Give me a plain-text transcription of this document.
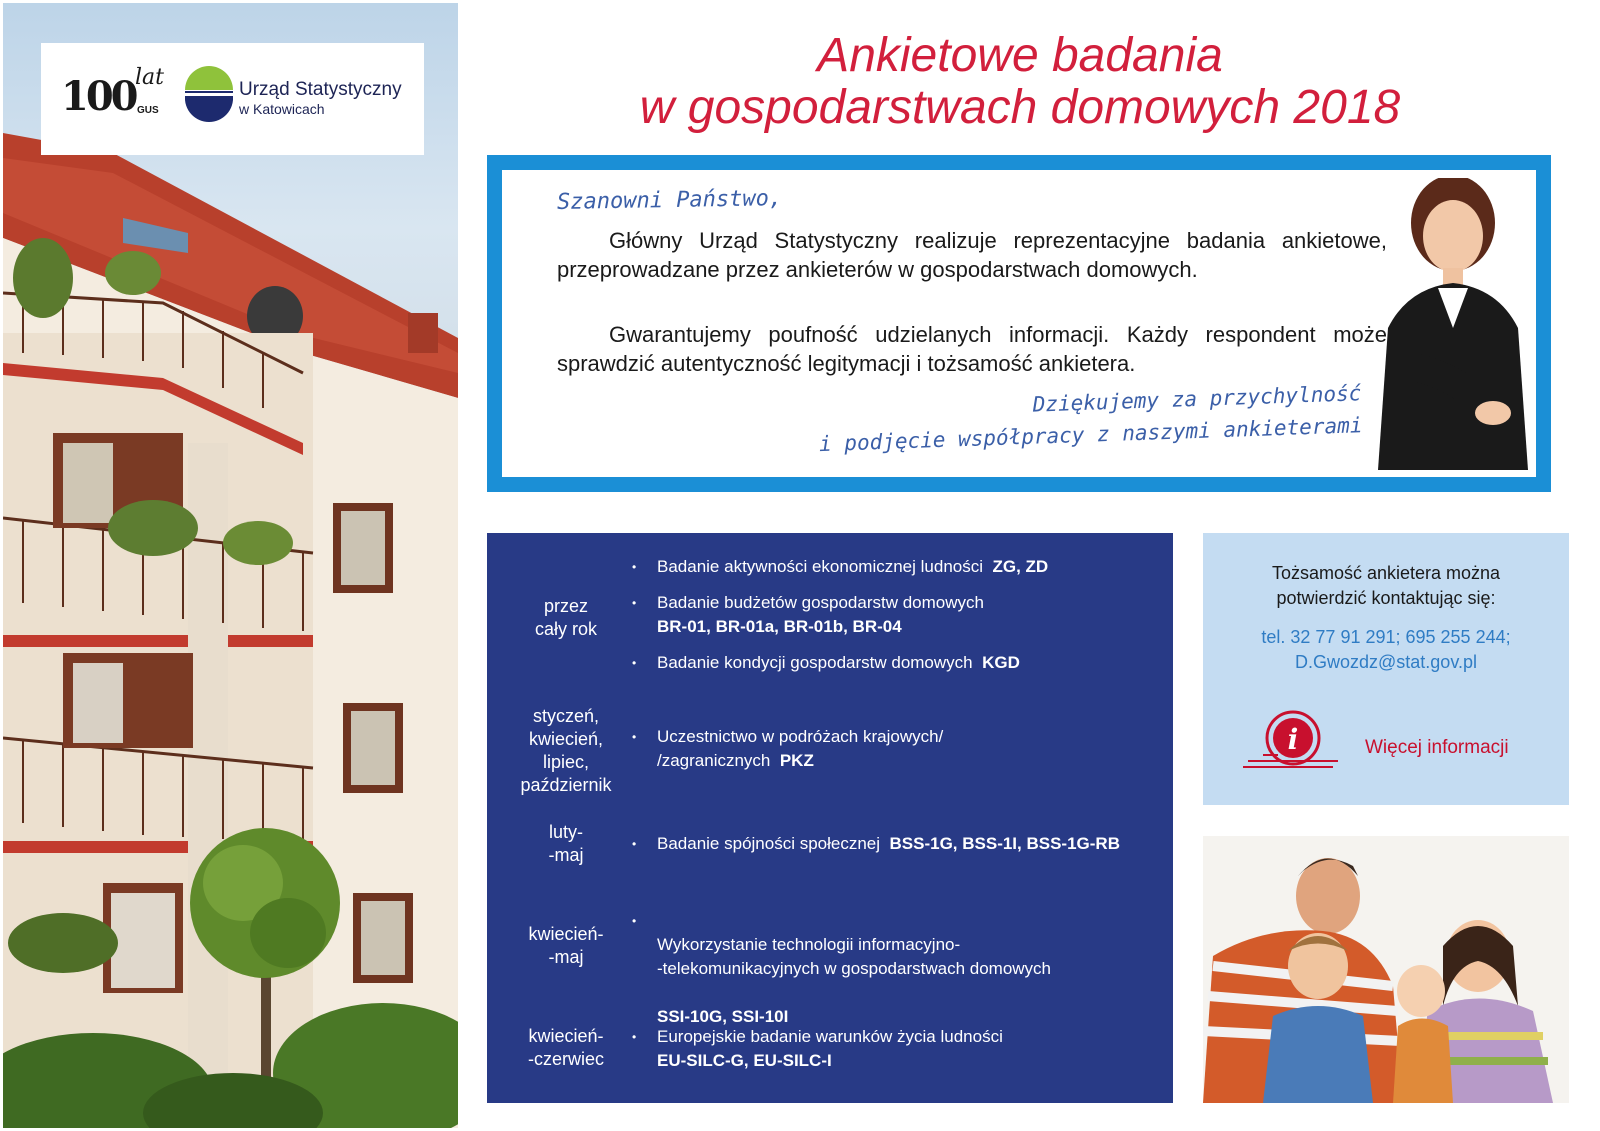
100 lat
GUS
Urząd Statystyczny
w Katowicach
Ankietowe badania
w gospodarstwach domowych 2018
Szanowni Państwo,

Główny Urząd Statystyczny realizuje reprezentacyjne badania ankietowe, przeprowadzane przez ankieterów w gospodarstwach domowych.

Gwarantujemy poufność udzielanych informacji. Każdy respondent może sprawdzić autentyczność legitymacji i tożsamość ankietera.

Dziękujemy za przychylność
i podjęcie współpracy z naszymi ankieterami
przez
cały rok
• Badanie aktywności ekonomicznej ludności ZG, ZD
• Badanie budżetów gospodarstw domowych
BR-01, BR-01a, BR-01b, BR-04
• Badanie kondycji gospodarstw domowych KGD
styczeń,
kwiecień,
lipiec,
październik
• Uczestnictwo w podróżach krajowych/
/zagranicznych PKZ
luty-
-maj
• Badanie spójności społecznej BSS-1G, BSS-1I, BSS-1G-RB
kwiecień-
-maj

• Wykorzystanie technologii informacyjno-
-telekomunikacyjnych w gospodarstwach domowych

SSI-10G, SSI-10I

kwiecień-
-czerwiec
• Europejskie badanie warunków życia ludności
EU-SILC-G, EU-SILC-I
Tożsamość ankietera można potwierdzić kontaktując się:
tel. 32 77 91 291; 695 255 244;
D.Gwozdz@stat.gov.pl
i	Więcej informacji
